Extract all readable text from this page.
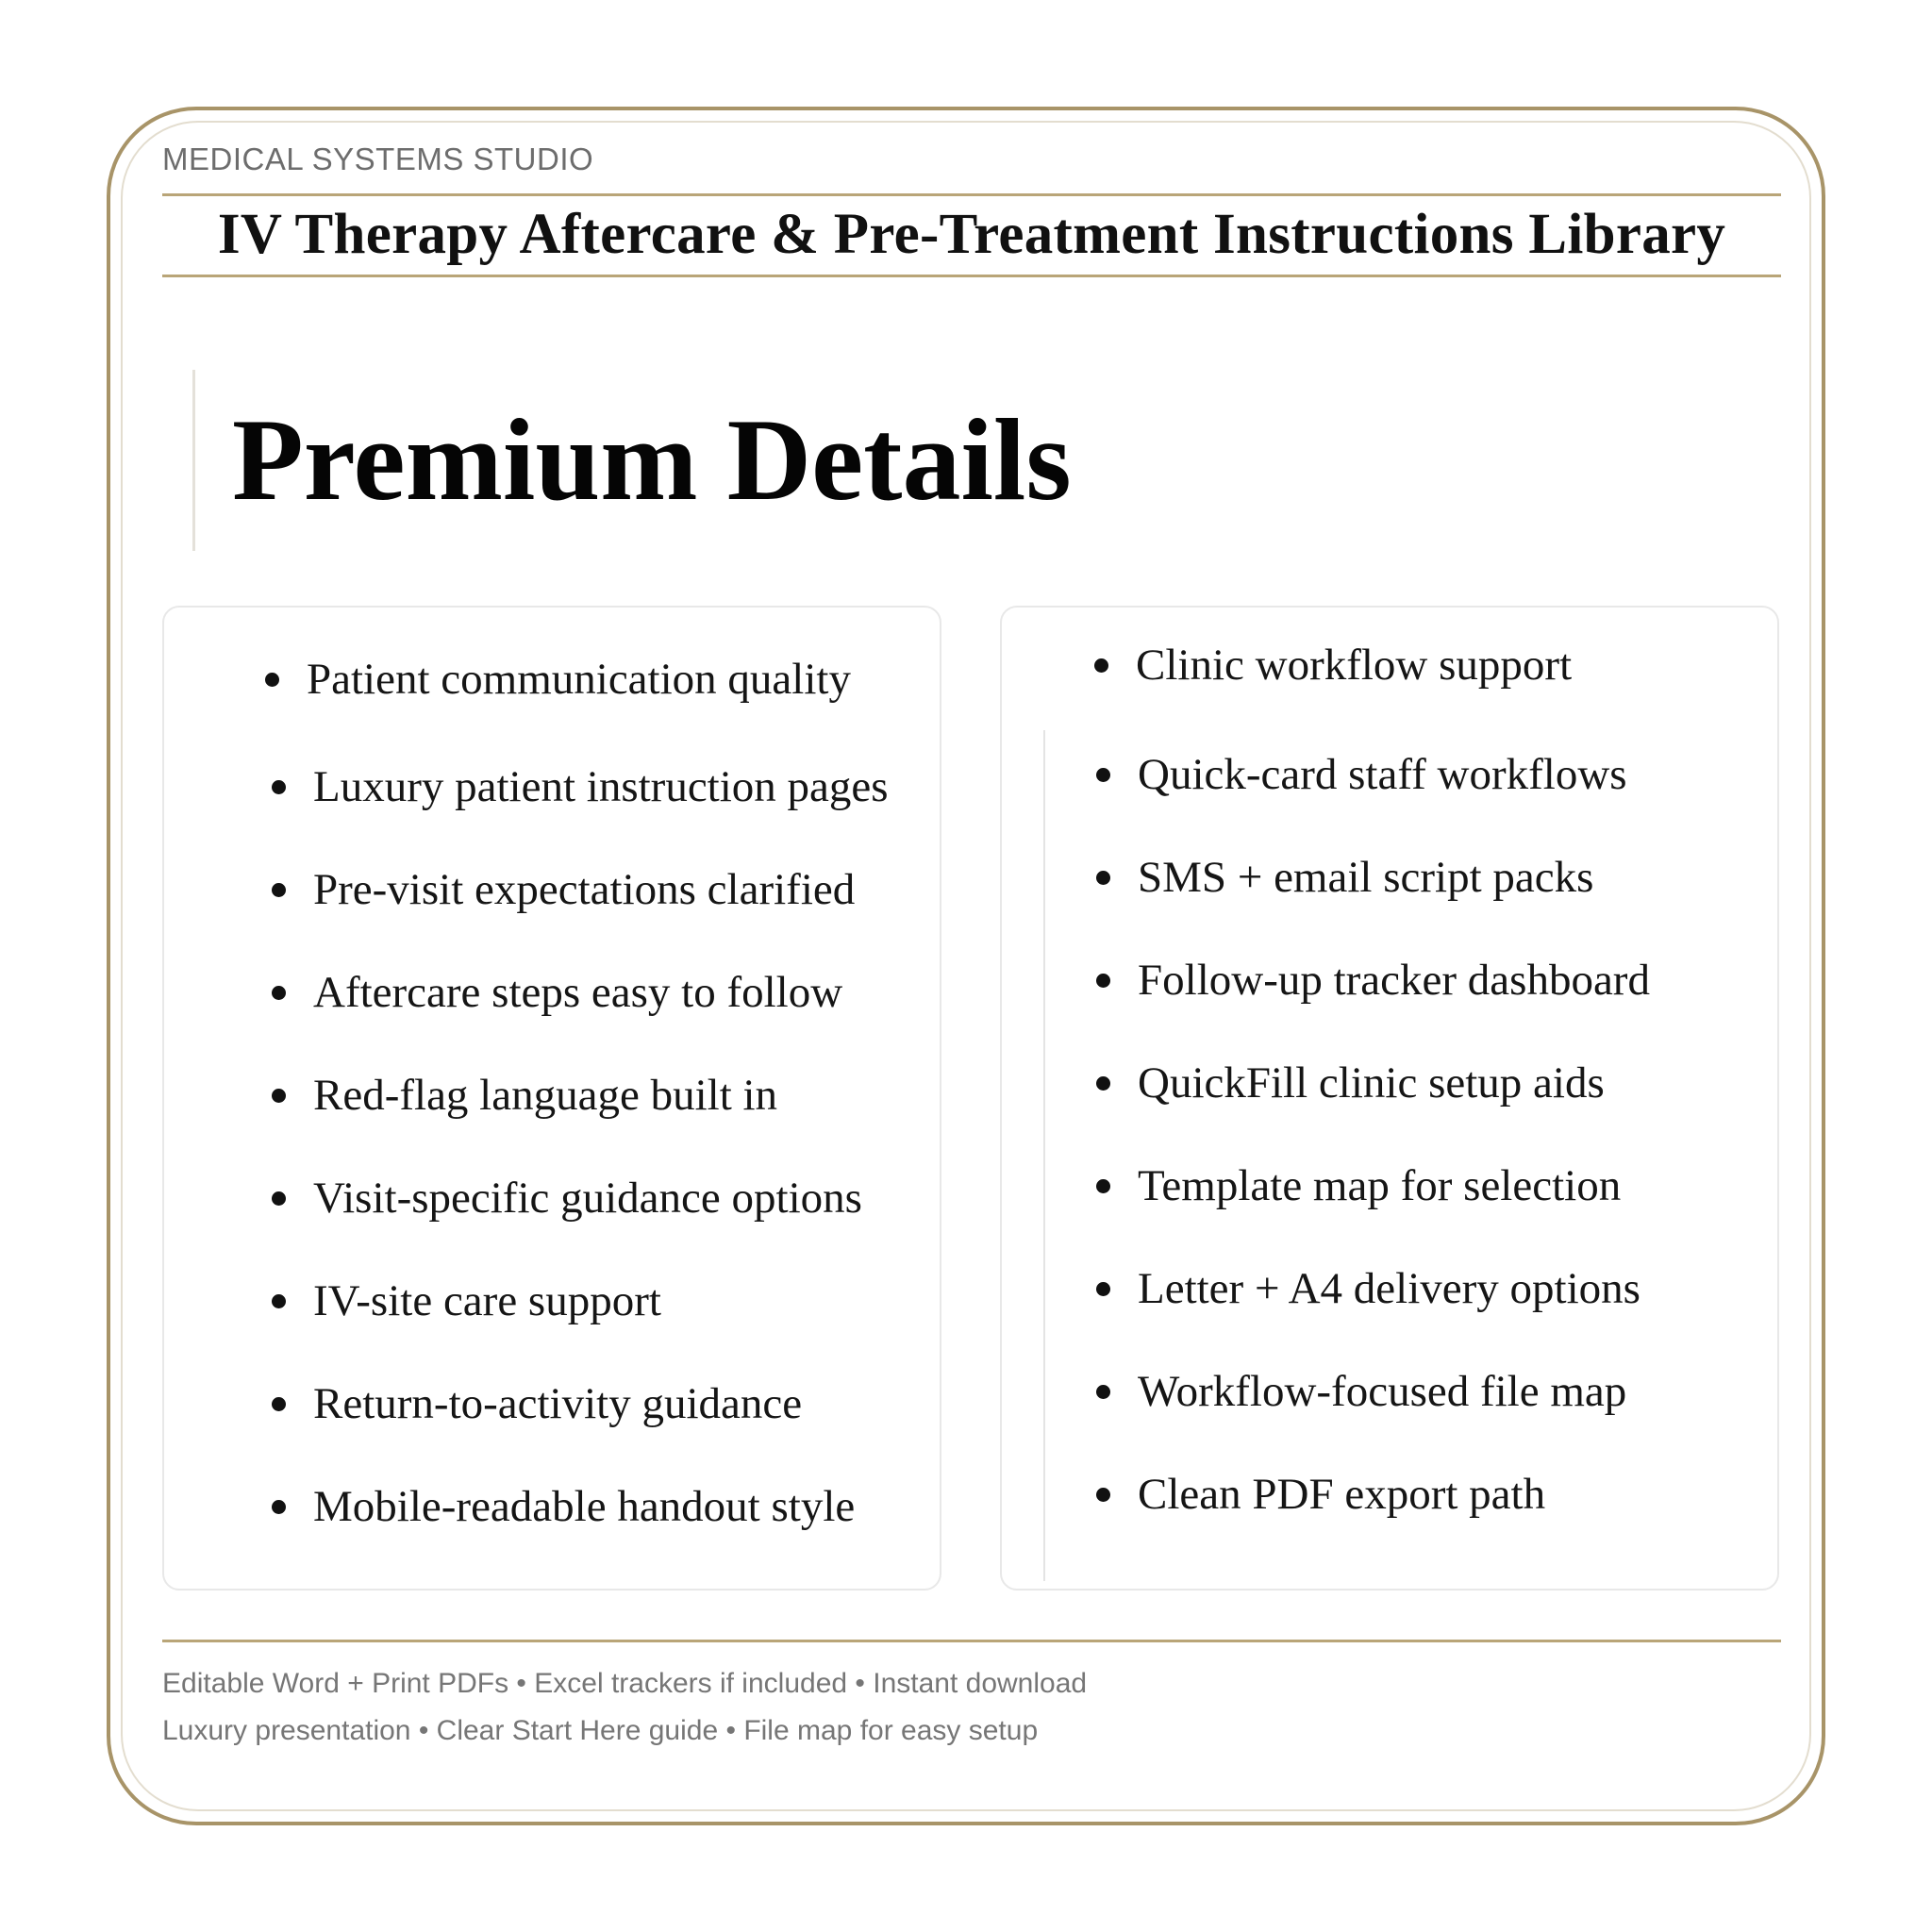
MEDICAL SYSTEMS STUDIO
IV Therapy Aftercare & Pre-Treatment Instructions Library
Premium Details
Patient communication quality
Luxury patient instruction pages
Pre-visit expectations clarified
Aftercare steps easy to follow
Red-flag language built in
Visit-specific guidance options
IV-site care support
Return-to-activity guidance
Mobile-readable handout style
Clinic workflow support
Quick-card staff workflows
SMS + email script packs
Follow-up tracker dashboard
QuickFill clinic setup aids
Template map for selection
Letter + A4 delivery options
Workflow-focused file map
Clean PDF export path
Editable Word + Print PDFs • Excel trackers if included • Instant download
Luxury presentation • Clear Start Here guide • File map for easy setup
